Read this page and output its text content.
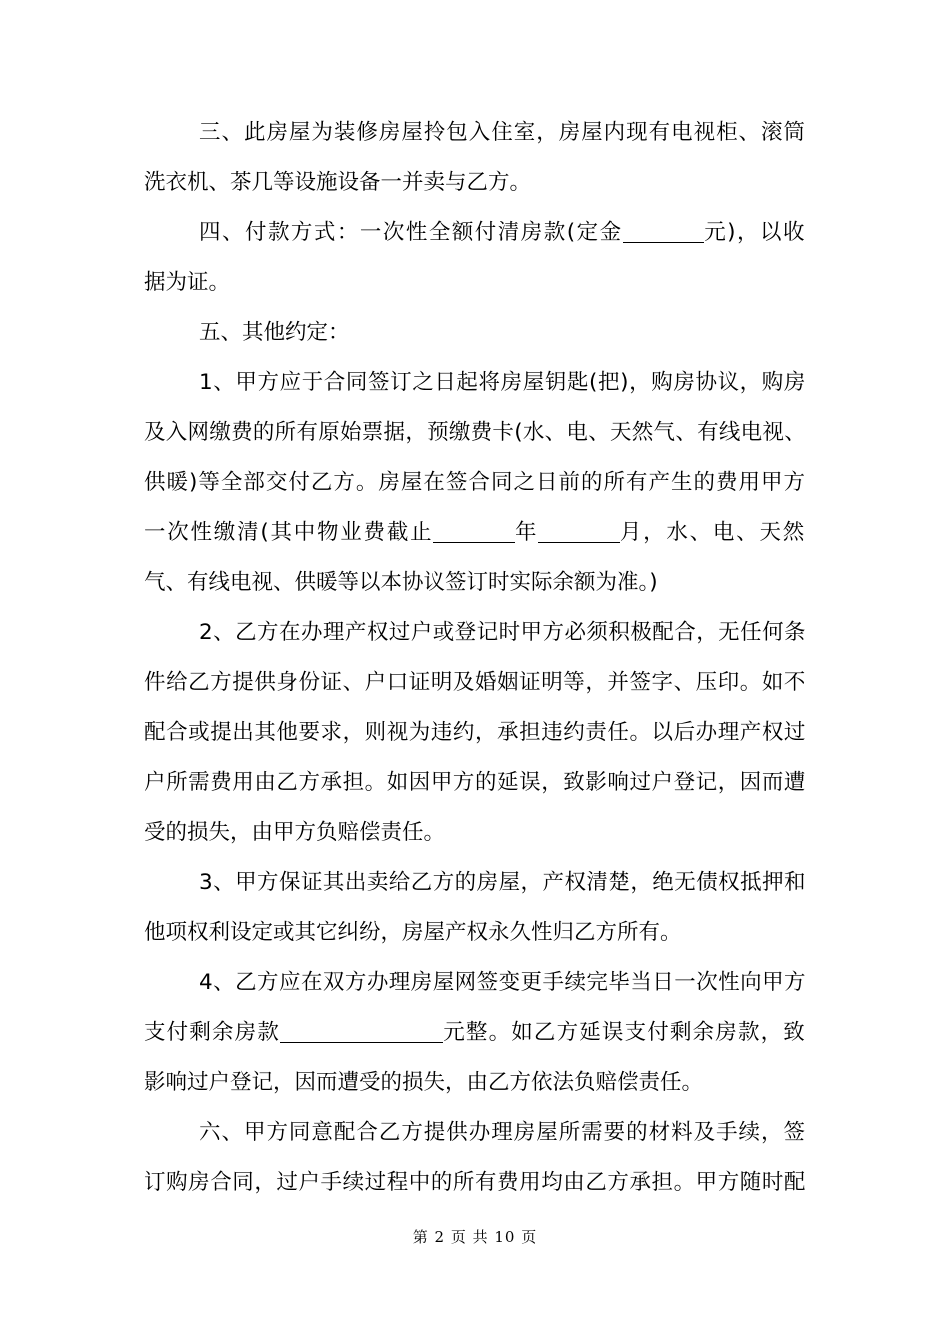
三、此房屋为装修房屋拎包入住室，房屋内现有电视柜、滚筒
洗衣机、茶几等设施设备一并卖与乙方。
四、付款方式：一次性全额付清房款(定金	元)，以收
据为证。
五、其他约定：
1、甲方应于合同签订之日起将房屋钥匙(把)，购房协议，购房
及入网缴费的所有原始票据，预缴费卡(水、电、天然气、有线电视、
供暖)等全部交付乙方。房屋在签合同之日前的所有产生的费用甲方
一次性缴清(其中物业费截止	年	月，水、电、天然
气、有线电视、供暖等以本协议签订时实际余额为准。)
2、乙方在办理产权过户或登记时甲方必须积极配合，无任何条
件给乙方提供身份证、户口证明及婚姻证明等，并签字、压印。如不
配合或提出其他要求，则视为违约，承担违约责任。以后办理产权过
户所需费用由乙方承担。如因甲方的延误，致影响过户登记，因而遭
受的损失，由甲方负赔偿责任。
3、甲方保证其出卖给乙方的房屋，产权清楚，绝无债权抵押和
他项权利设定或其它纠纷，房屋产权永久性归乙方所有。
4、乙方应在双方办理房屋网签变更手续完毕当日一次性向甲方
支付剩余房款	元整。如乙方延误支付剩余房款，致
影响过户登记，因而遭受的损失，由乙方依法负赔偿责任。
六、甲方同意配合乙方提供办理房屋所需要的材料及手续，签
订购房合同，过户手续过程中的所有费用均由乙方承担。甲方随时配
第 2 页 共 10 页
